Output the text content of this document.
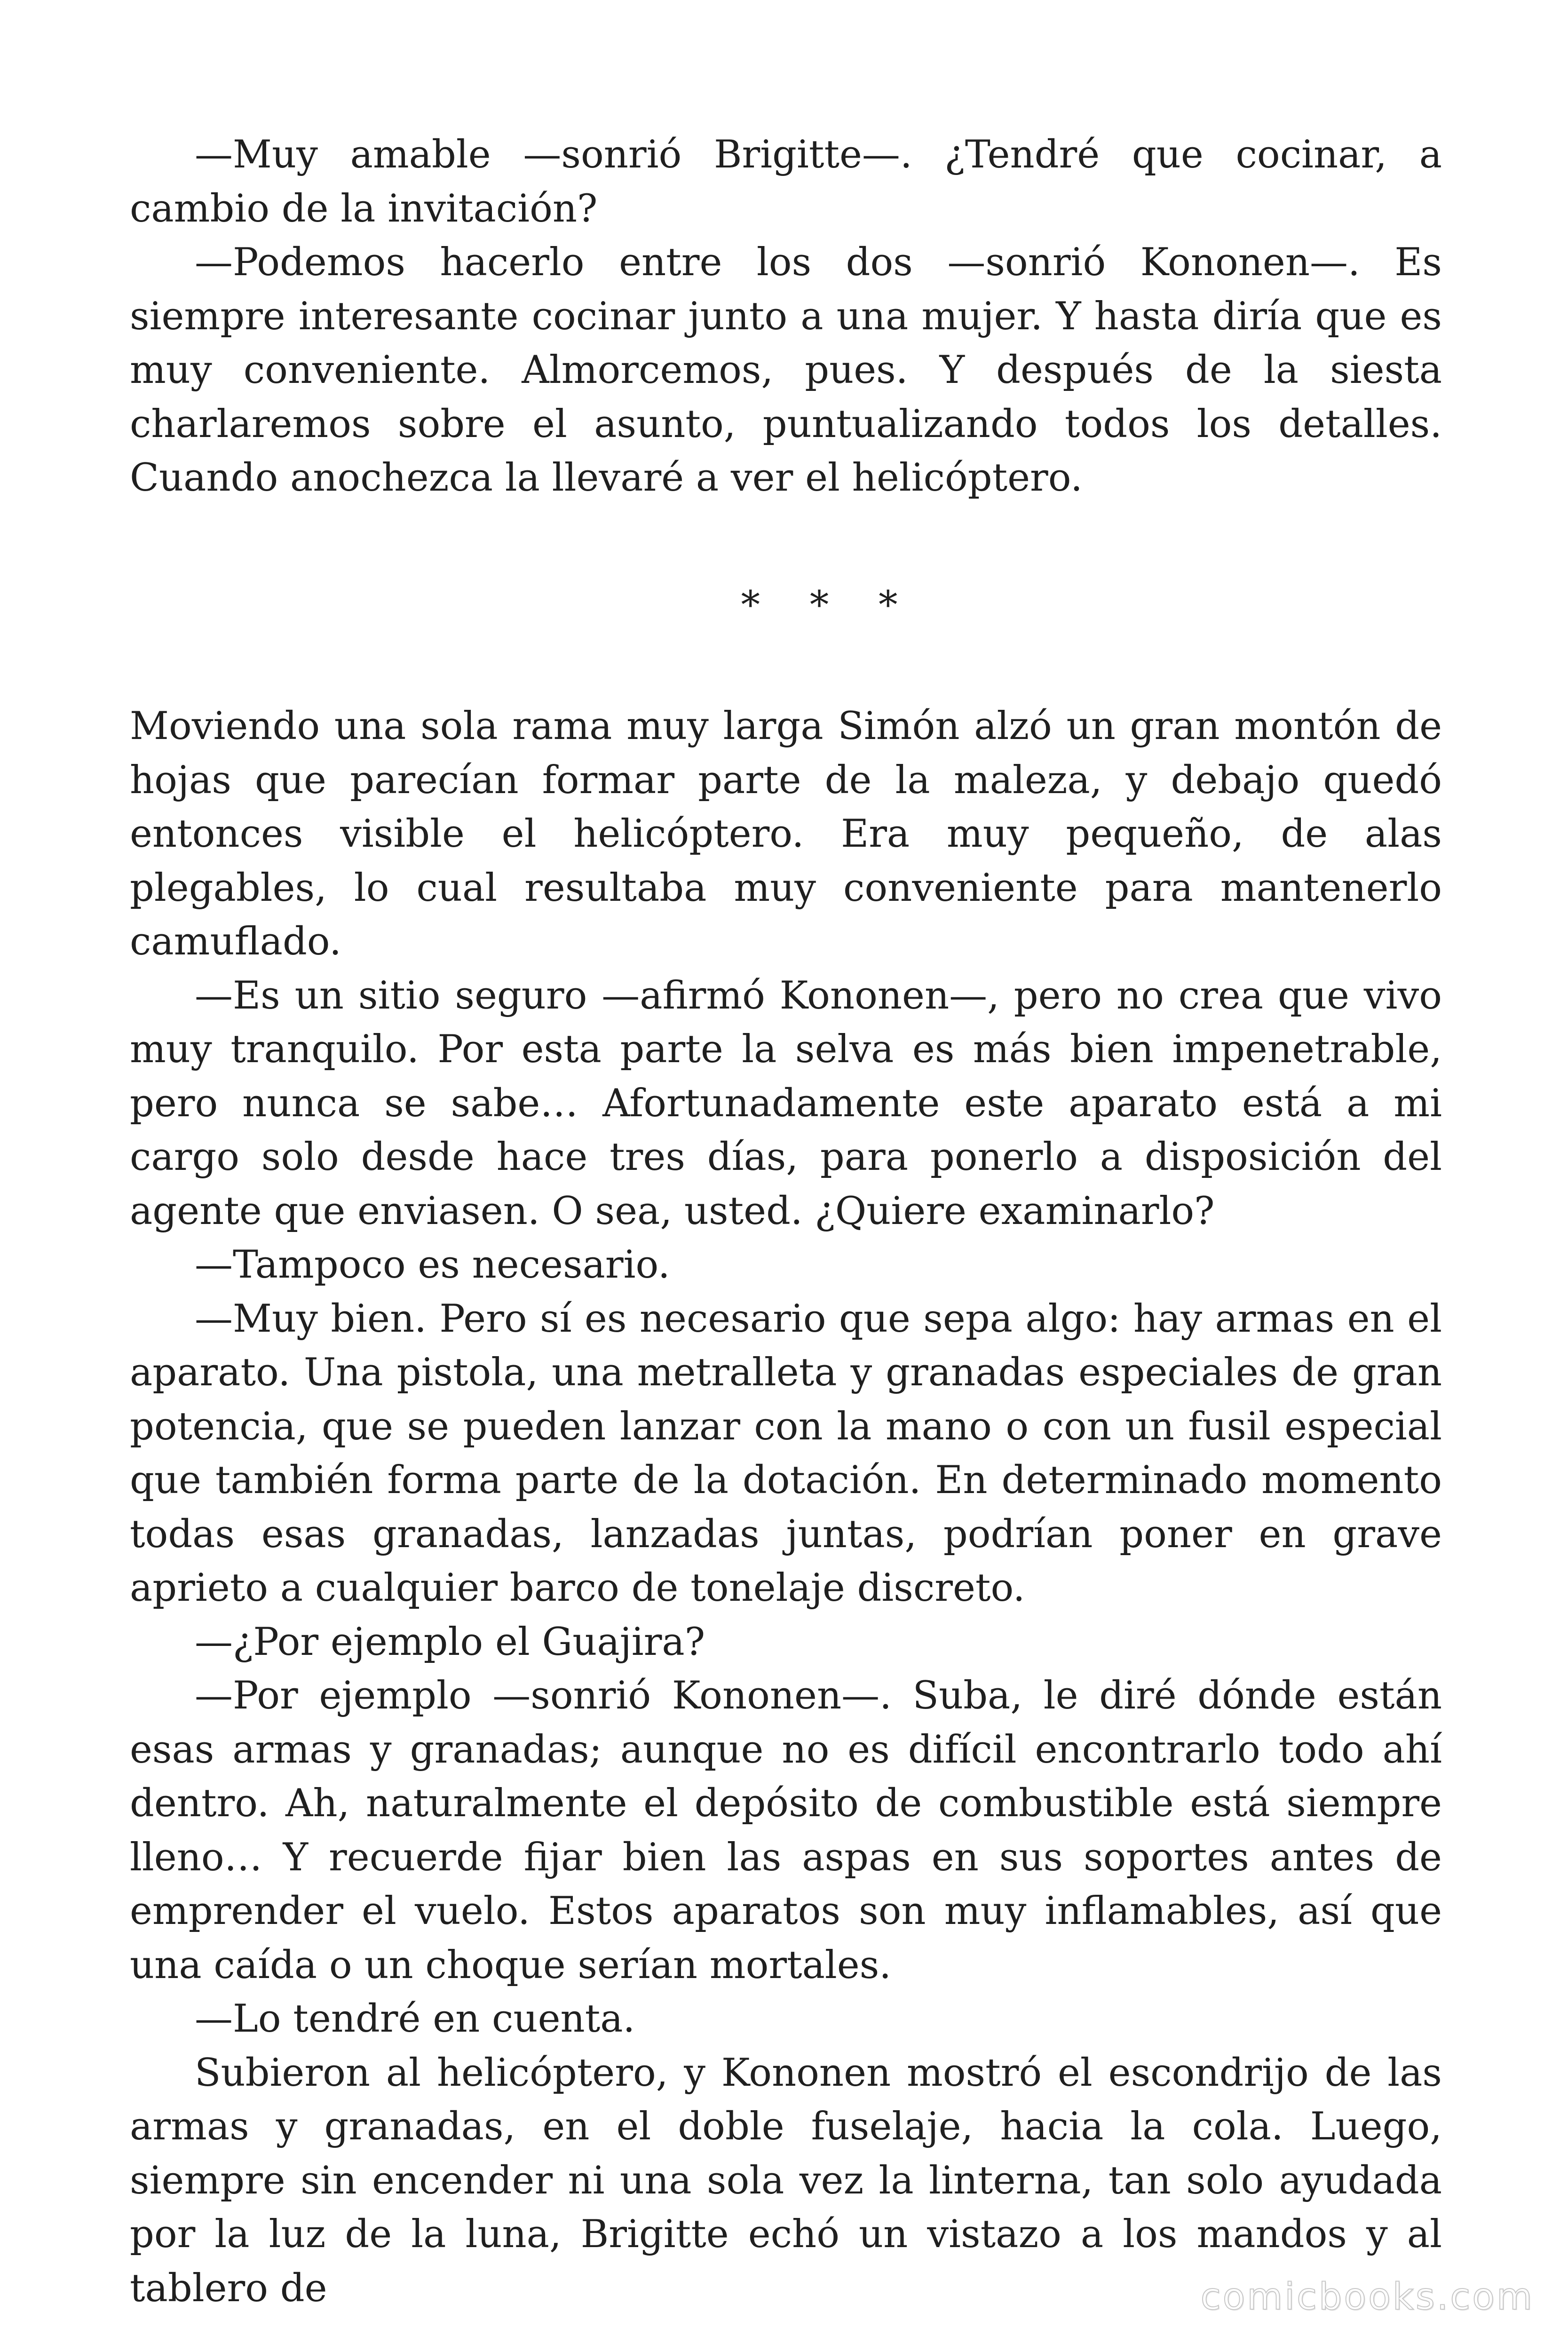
—Muy amable —sonrió Brigitte—. ¿Tendré que cocinar, a cambio de la invitación?

—Podemos hacerlo entre los dos —sonrió Kononen—. Es siempre interesante cocinar junto a una mujer. Y hasta diría que es muy conveniente. Almorcemos, pues. Y después de la siesta charlaremos sobre el asunto, puntualizando todos los detalles. Cuando anochezca la llevaré a ver el helicóptero.

* * *

Moviendo una sola rama muy larga Simón alzó un gran montón de hojas que parecían formar parte de la maleza, y debajo quedó entonces visible el helicóptero. Era muy pequeño, de alas plegables, lo cual resultaba muy conveniente para mantenerlo camuflado.

—Es un sitio seguro —afirmó Kononen—, pero no crea que vivo muy tranquilo. Por esta parte la selva es más bien impenetrable, pero nunca se sabe… Afortunadamente este aparato está a mi cargo solo desde hace tres días, para ponerlo a disposición del agente que enviasen. O sea, usted. ¿Quiere examinarlo?

—Tampoco es necesario.

—Muy bien. Pero sí es necesario que sepa algo: hay armas en el aparato. Una pistola, una metralleta y granadas especiales de gran potencia, que se pueden lanzar con la mano o con un fusil especial que también forma parte de la dotación. En determinado momento todas esas granadas, lanzadas juntas, podrían poner en grave aprieto a cualquier barco de tonelaje discreto.

—¿Por ejemplo el Guajira?

—Por ejemplo —sonrió Kononen—. Suba, le diré dónde están esas armas y granadas; aunque no es difícil encontrarlo todo ahí dentro. Ah, naturalmente el depósito de combustible está siempre lleno… Y recuerde fijar bien las aspas en sus soportes antes de emprender el vuelo. Estos aparatos son muy inflamables, así que una caída o un choque serían mortales.

—Lo tendré en cuenta.

Subieron al helicóptero, y Kononen mostró el escondrijo de las armas y granadas, en el doble fuselaje, hacia la cola. Luego, siempre sin encender ni una sola vez la linterna, tan solo ayudada por la luz de la luna, Brigitte echó un vistazo a los mandos y al tablero de	comicbooks.com
